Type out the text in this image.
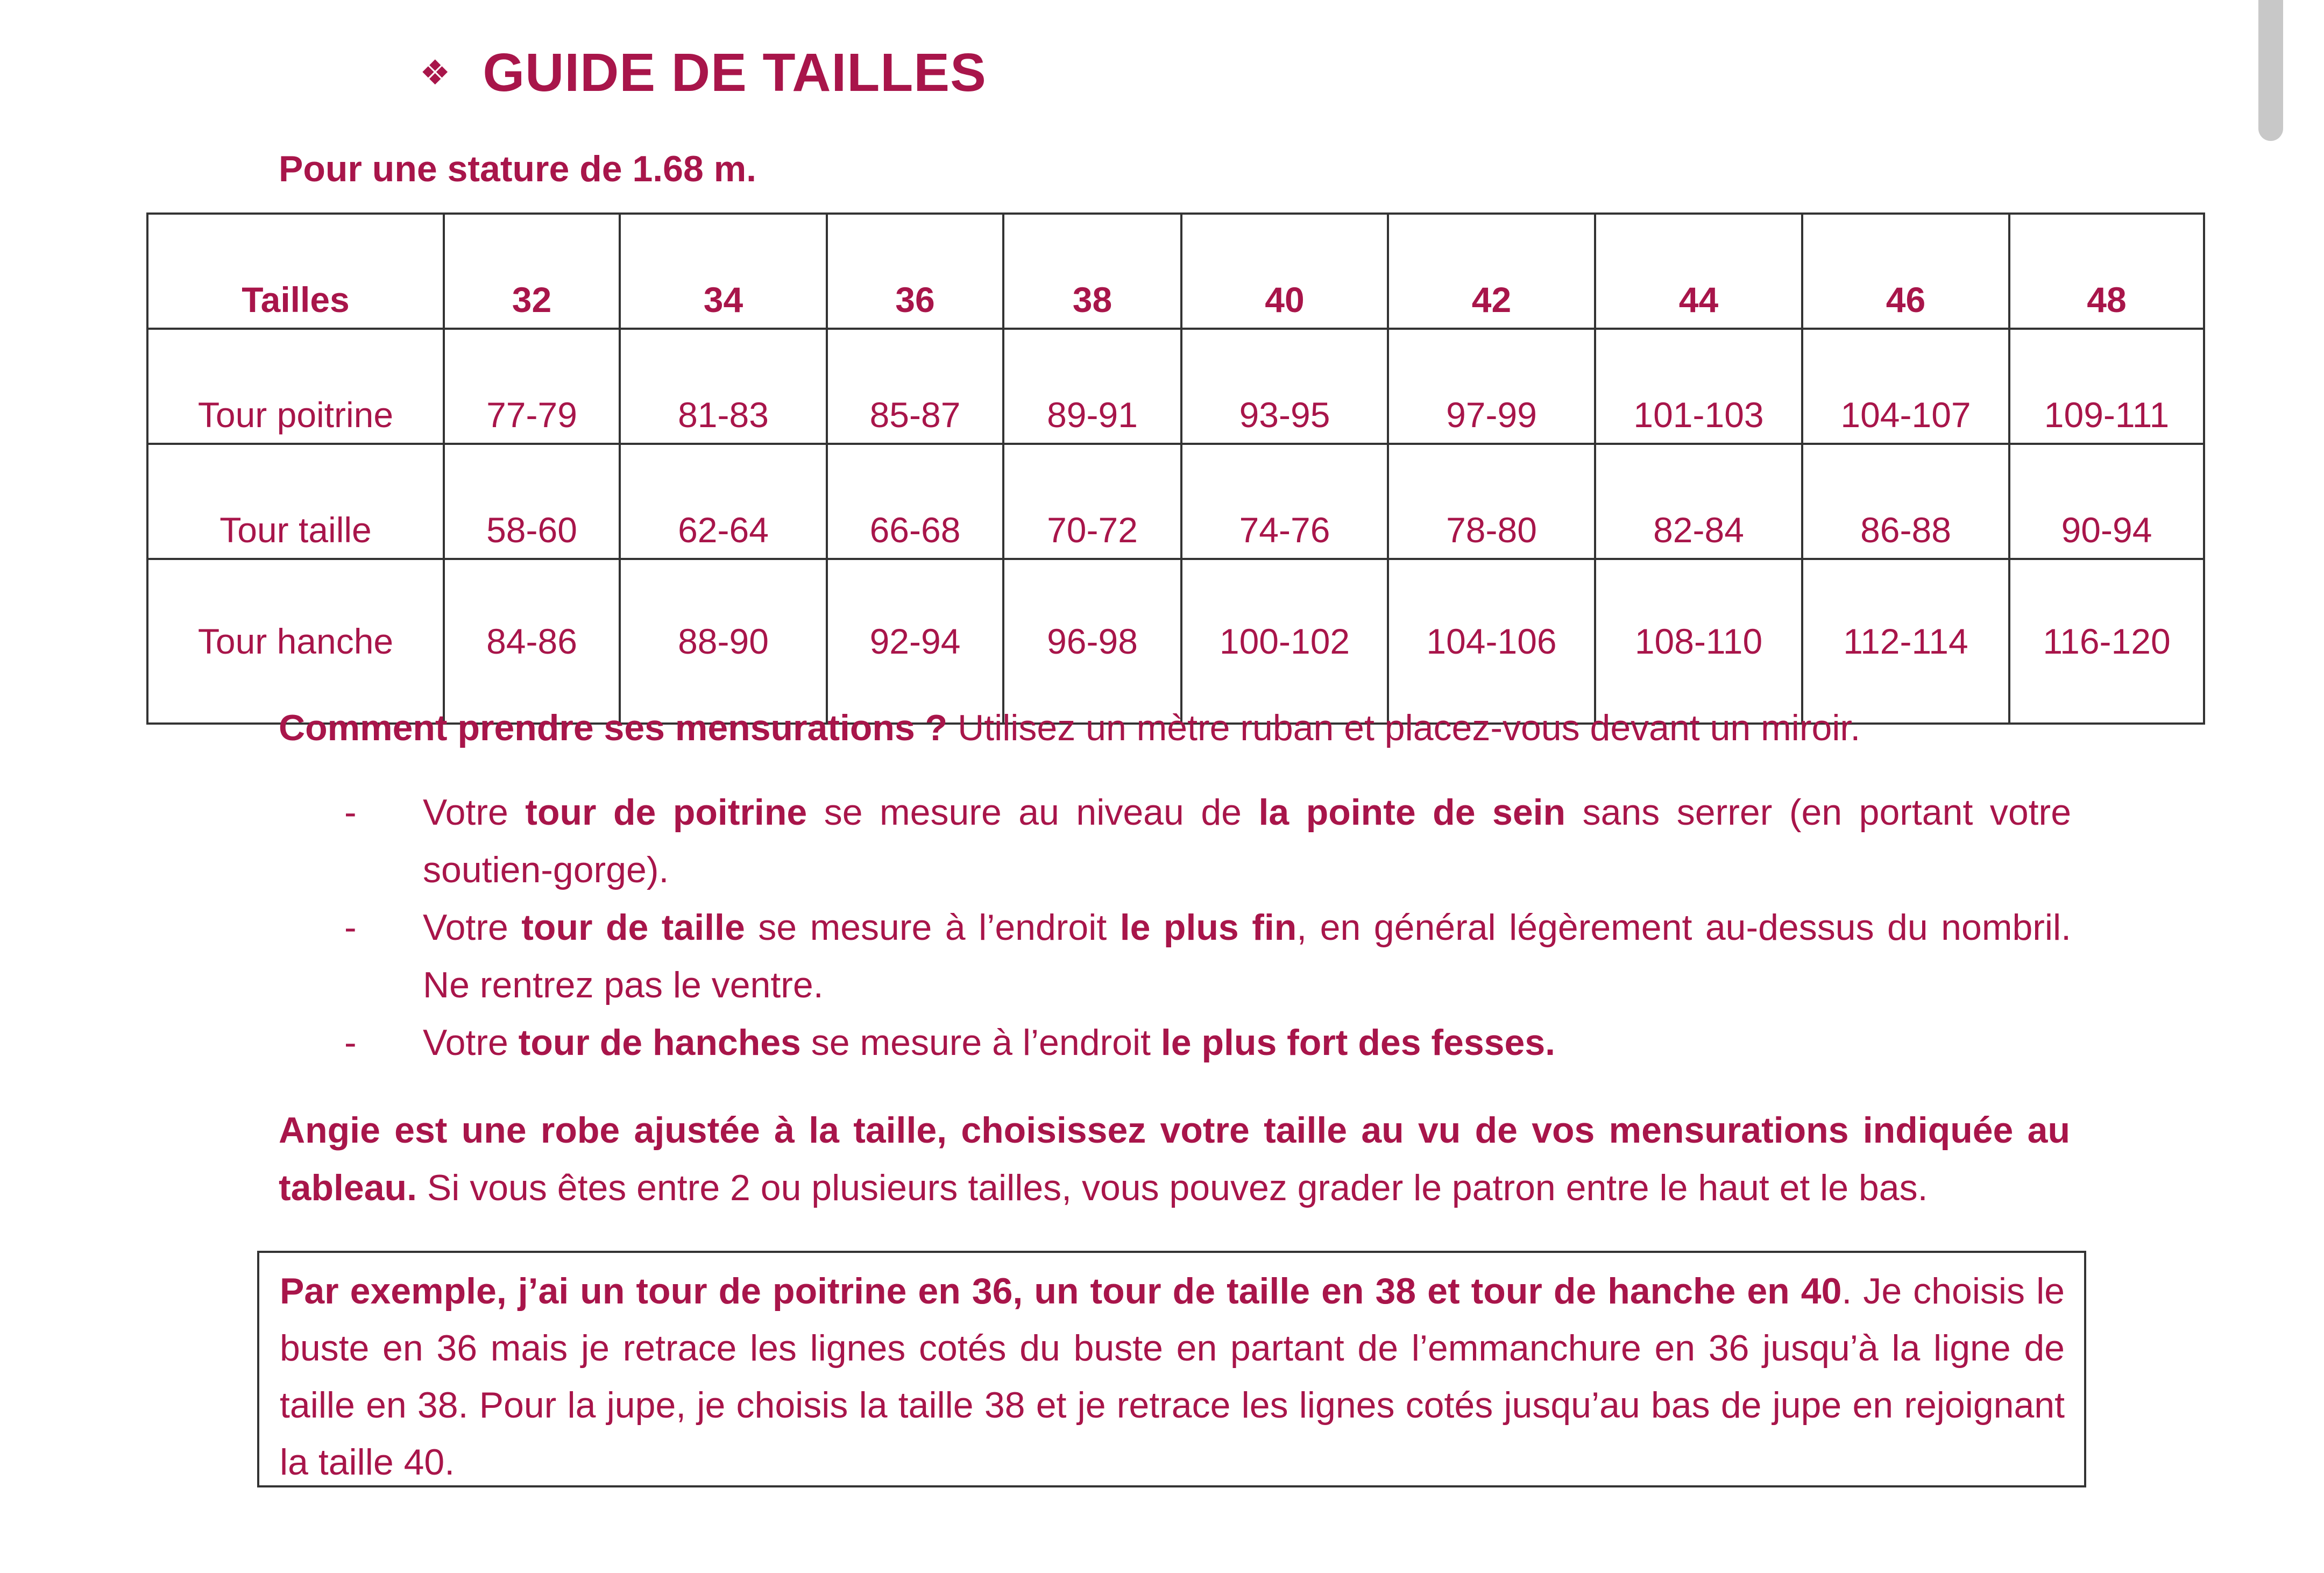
❖ GUIDE DE TAILLES
Pour une stature de 1.68 m.
Tailles	32	34	36	38	40	42	44	46	48
Tour poitrine	77-79	81-83	85-87	89-91	93-95	97-99	101-103	104-107	109-111
Tour taille	58-60	62-64	66-68	70-72	74-76	78-80	82-84	86-88	90-94
Tour hanche	84-86	88-90	92-94	96-98	100-102	104-106	108-110	112-114	116-120
Comment prendre ses mensurations ? Utilisez un mètre ruban et placez-vous devant un miroir.
- Votre tour de poitrine se mesure au niveau de la pointe de sein sans serrer (en portant votre soutien-gorge).
- Votre tour de taille se mesure à l’endroit le plus fin, en général légèrement au-dessus du nombril. Ne rentrez pas le ventre.
- Votre tour de hanches se mesure à l’endroit le plus fort des fesses.
Angie est une robe ajustée à la taille, choisissez votre taille au vu de vos mensurations indiquée au tableau. Si vous êtes entre 2 ou plusieurs tailles, vous pouvez grader le patron entre le haut et le bas.
Par exemple, j’ai un tour de poitrine en 36, un tour de taille en 38 et tour de hanche en 40. Je choisis le buste en 36 mais je retrace les lignes cotés du buste en partant de l’emmanchure en 36 jusqu’à la ligne de taille en 38. Pour la jupe, je choisis la taille 38 et je retrace les lignes cotés jusqu’au bas de jupe en rejoignant la taille 40.
